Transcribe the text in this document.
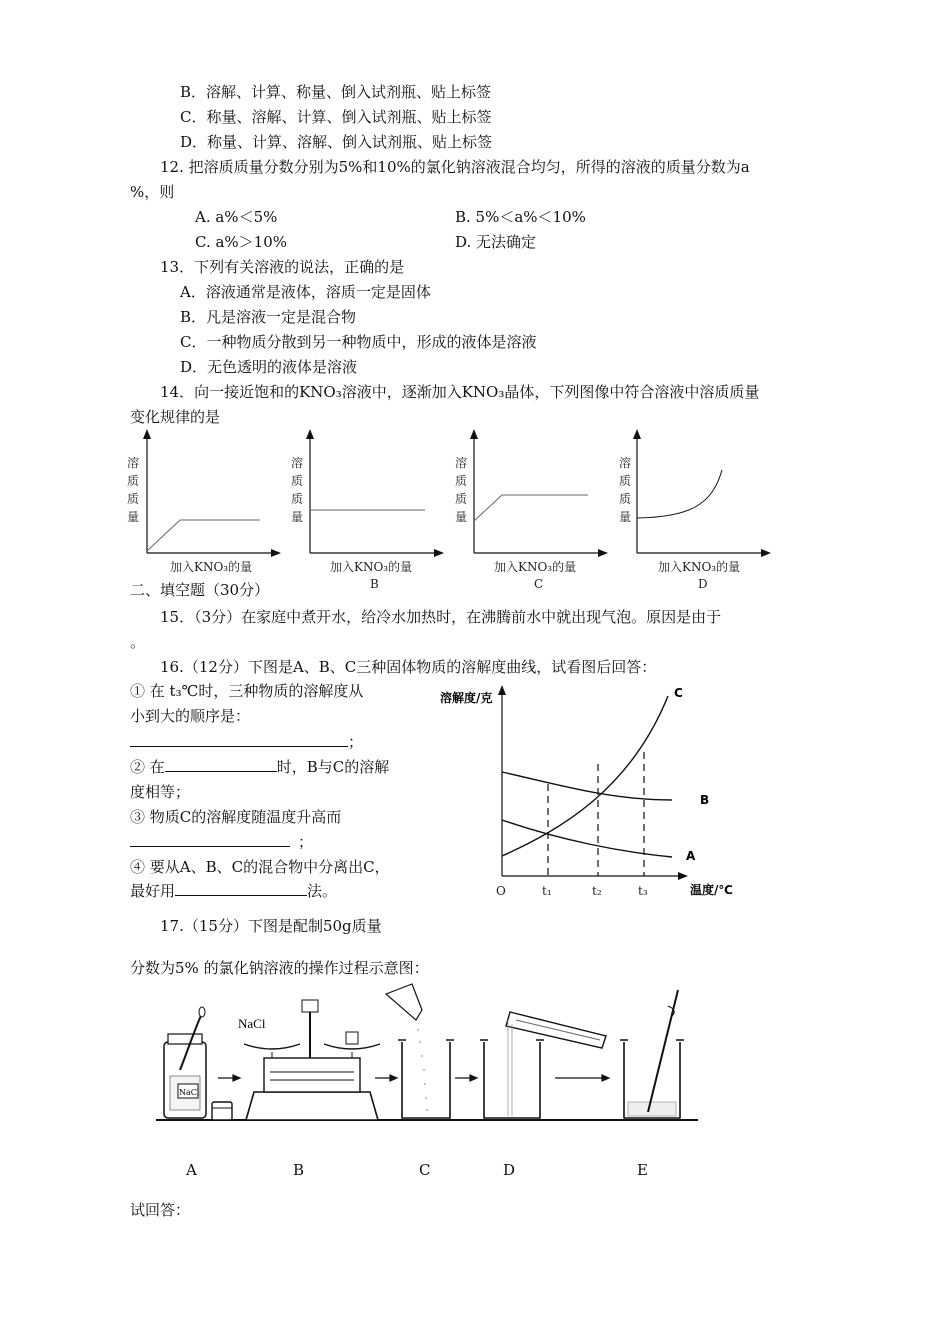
B．溶解、计算、称量、倒入试剂瓶、贴上标签
C．称量、溶解、计算、倒入试剂瓶、贴上标签
D．称量、计算、溶解、倒入试剂瓶、贴上标签
12. 把溶质质量分数分别为5%和10%的氯化钠溶液混合均匀，所得的溶液的质量分数为a
%，则
A. a%＜5%	B. 5%＜a%＜10%
C. a%＞10%	D. 无法确定
13．下列有关溶液的说法，正确的是
A．溶液通常是液体，溶质一定是固体
B．凡是溶液一定是混合物
C．一种物质分散到另一种物质中，形成的液体是溶液
D．无色透明的液体是溶液
14．向一接近饱和的KNO₃溶液中，逐渐加入KNO₃晶体，下列图像中符合溶液中溶质质量
变化规律的是
溶质质量
加入KNO₃的量
溶质质量
加入KNO₃的量
B
溶质质量
加入KNO₃的量
C
溶质质量
加入KNO₃的量
D
二、填空题（30分）
15．（3分）在家庭中煮开水，给冷水加热时，在沸腾前水中就出现气泡。原因是由于
。
16.（12分）下图是A、B、C三种固体物质的溶解度曲线，试看图后回答：
① 在 t₃℃时，三种物质的溶解度从
小到大的顺序是：
；
② 在	时，B与C的溶解
度相等；
③ 物质C的溶解度随温度升高而
；
④ 要从A、B、C的混合物中分离出C，
最好用	法。
溶解度/克
温度/℃
O	t₁	t₂	t₃
A
B
C
17.（15分）下图是配制50g质量
分数为5% 的氯化钠溶液的操作过程示意图：
NaCl
NaCl
A	B	C	D	E
试回答：
